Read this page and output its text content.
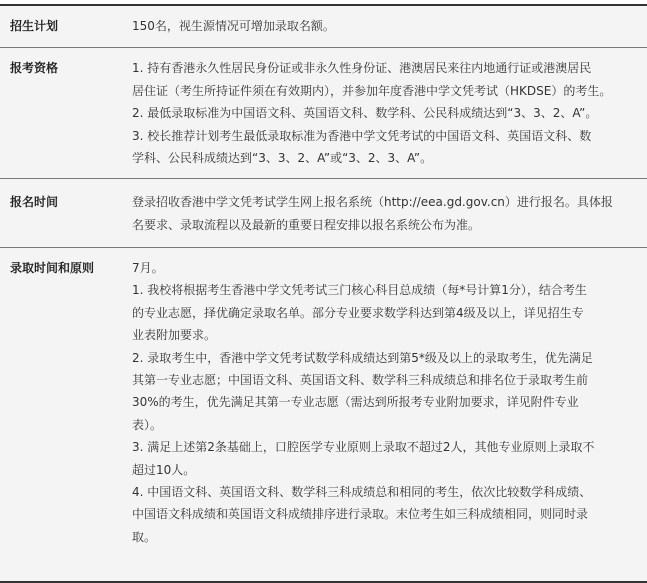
招生计划	150名，视生源情况可增加录取名额。

报考资格	1. 持有香港永久性居民身份证或非永久性身份证、港澳居民来往内地通行证或港澳居民

居住证（考生所持证件须在有效期内），并参加年度香港中学文凭考试（HKDSE）的考生。

2. 最低录取标准为中国语文科、英国语文科、数学科、公民科成绩达到“3、3、2、A”。

3. 校长推荐计划考生最低录取标准为香港中学文凭考试的中国语文科、英国语文科、数

学科、公民科成绩达到“3、3、2、A”或“3、2、3、A”。

报名时间	登录招收香港中学文凭考试学生网上报名系统（http://eea.gd.gov.cn）进行报名。具体报

名要求、录取流程以及最新的重要日程安排以报名系统公布为准。

录取时间和原则	7月。

1. 我校将根据考生香港中学文凭考试三门核心科目总成绩（每*号计算1分），结合考生

的专业志愿，择优确定录取名单。部分专业要求数学科达到第4级及以上，详见招生专

业表附加要求。

2. 录取考生中，香港中学文凭考试数学科成绩达到第5*级及以上的录取考生，优先满足

其第一专业志愿；中国语文科、英国语文科、数学科三科成绩总和排名位于录取考生前

30%的考生，优先满足其第一专业志愿（需达到所报考专业附加要求，详见附件专业

表）。

3. 满足上述第2条基础上，口腔医学专业原则上录取不超过2人，其他专业原则上录取不

超过10人。

4. 中国语文科、英国语文科、数学科三科成绩总和相同的考生，依次比较数学科成绩、

中国语文科成绩和英国语文科成绩排序进行录取。末位考生如三科成绩相同，则同时录

取。
